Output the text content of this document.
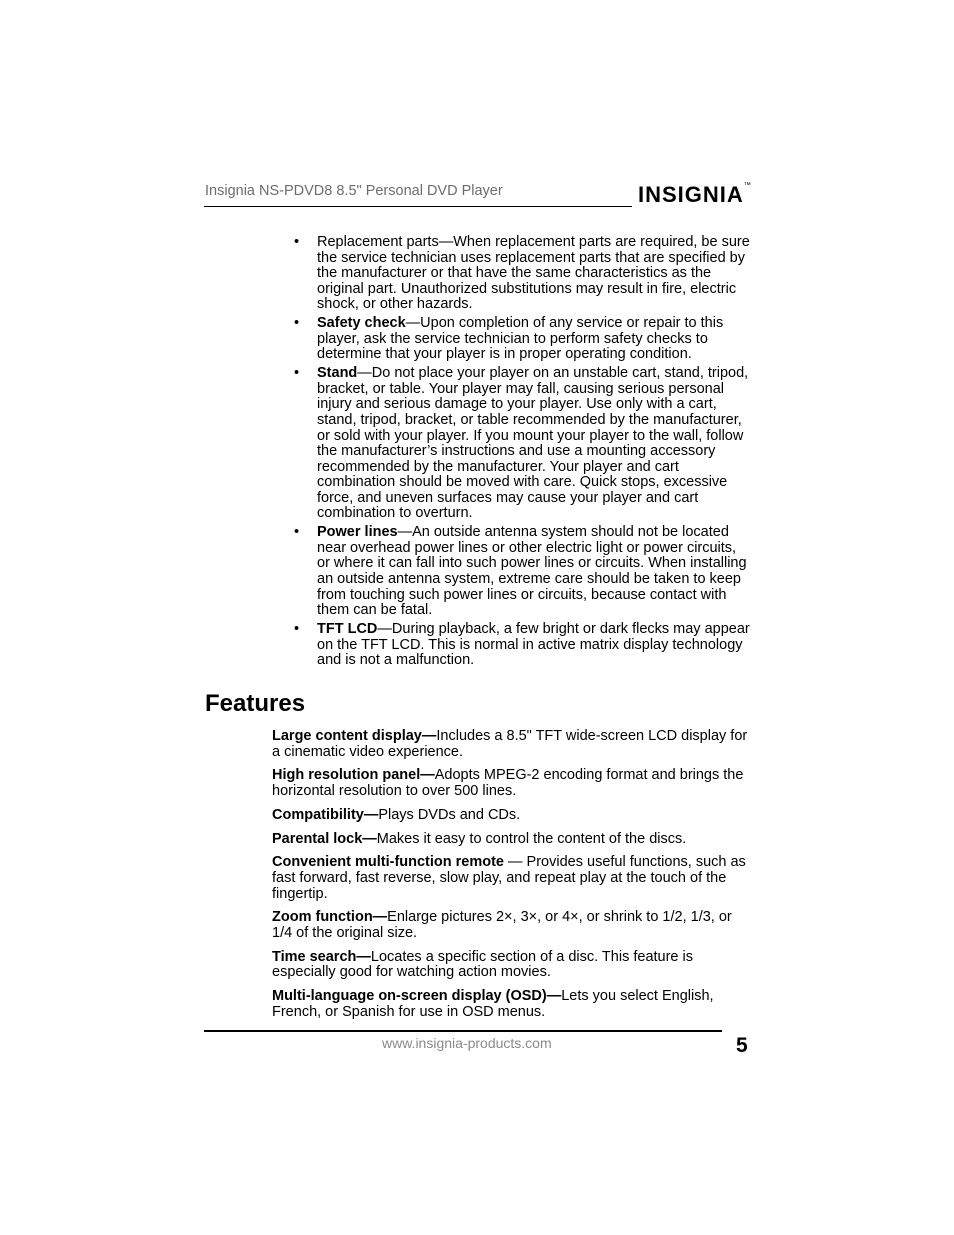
Insignia NS-PDVD8 8.5" Personal DVD Player	INSIGNIA™
• Replacement parts—When replacement parts are required, be sure the service technician uses replacement parts that are specified by the manufacturer or that have the same characteristics as the original part. Unauthorized substitutions may result in fire, electric shock, or other hazards.
• Safety check—Upon completion of any service or repair to this player, ask the service technician to perform safety checks to determine that your player is in proper operating condition.
• Stand—Do not place your player on an unstable cart, stand, tripod, bracket, or table. Your player may fall, causing serious personal injury and serious damage to your player. Use only with a cart, stand, tripod, bracket, or table recommended by the manufacturer, or sold with your player. If you mount your player to the wall, follow the manufacturer’s instructions and use a mounting accessory recommended by the manufacturer. Your player and cart combination should be moved with care. Quick stops, excessive force, and uneven surfaces may cause your player and cart combination to overturn.
• Power lines—An outside antenna system should not be located near overhead power lines or other electric light or power circuits, or where it can fall into such power lines or circuits. When installing an outside antenna system, extreme care should be taken to keep from touching such power lines or circuits, because contact with them can be fatal.
• TFT LCD—During playback, a few bright or dark flecks may appear on the TFT LCD. This is normal in active matrix display technology and is not a malfunction.
Features

Large content display—Includes a 8.5" TFT wide-screen LCD display for a cinematic video experience.

High resolution panel—Adopts MPEG-2 encoding format and brings the horizontal resolution to over 500 lines.

Compatibility—Plays DVDs and CDs.

Parental lock—Makes it easy to control the content of the discs.

Convenient multi-function remote — Provides useful functions, such as fast forward, fast reverse, slow play, and repeat play at the touch of the fingertip.

Zoom function—Enlarge pictures 2×, 3×, or 4×, or shrink to 1/2, 1/3, or 1/4 of the original size.

Time search—Locates a specific section of a disc. This feature is especially good for watching action movies.

Multi-language on-screen display (OSD)—Lets you select English, French, or Spanish for use in OSD menus.

www.insignia-products.com	5
